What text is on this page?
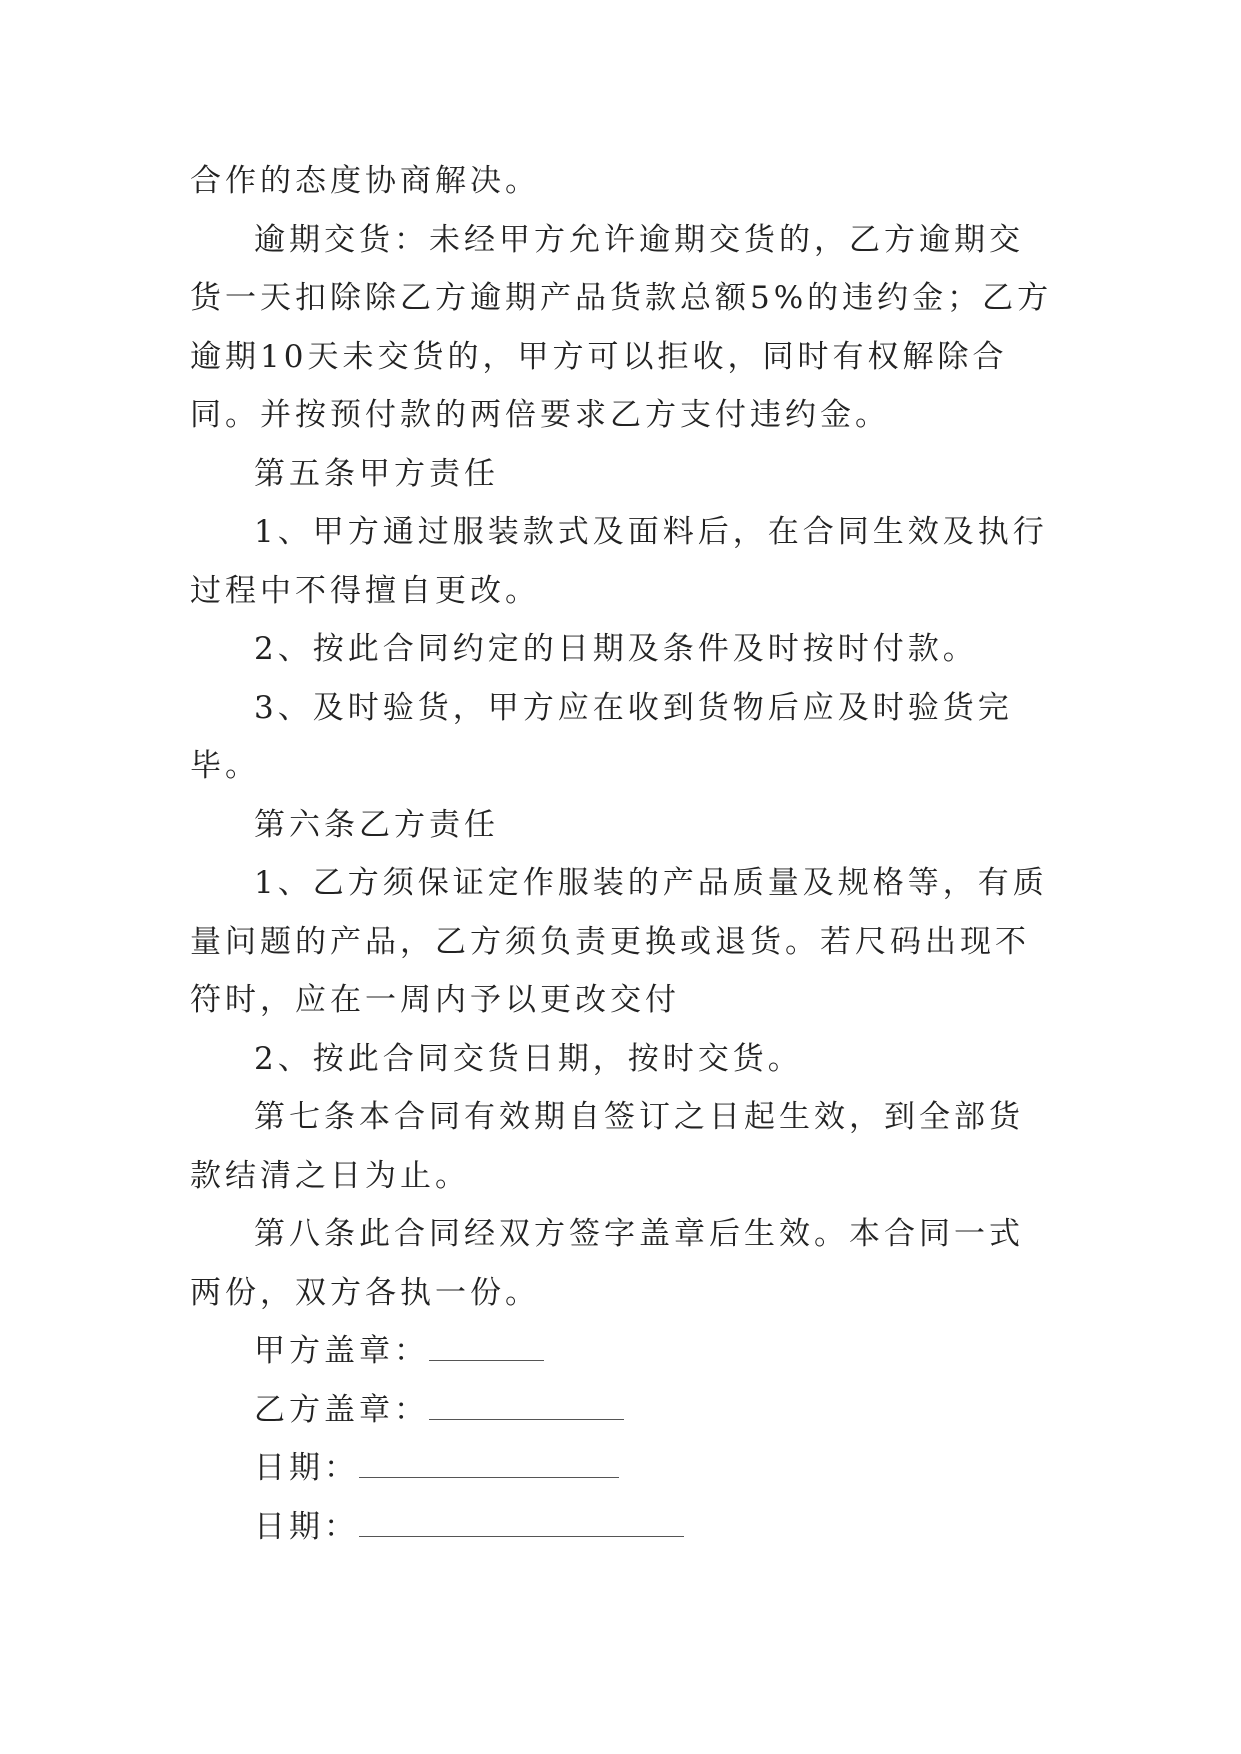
合作的态度协商解决。

逾期交货：未经甲方允许逾期交货的，乙方逾期交货一天扣除除乙方逾期产品货款总额5%的违约金；乙方逾期10天未交货的，甲方可以拒收，同时有权解除合同。并按预付款的两倍要求乙方支付违约金。

第五条甲方责任

1、甲方通过服装款式及面料后，在合同生效及执行过程中不得擅自更改。

2、按此合同约定的日期及条件及时按时付款。

3、及时验货，甲方应在收到货物后应及时验货完毕。

第六条乙方责任

1、乙方须保证定作服装的产品质量及规格等，有质量问题的产品，乙方须负责更换或退货。若尺码出现不符时，应在一周内予以更改交付

2、按此合同交货日期，按时交货。

第七条本合同有效期自签订之日起生效，到全部货款结清之日为止。

第八条此合同经双方签字盖章后生效。本合同一式两份，双方各执一份。

甲方盖章：

乙方盖章：

日期：

日期：
